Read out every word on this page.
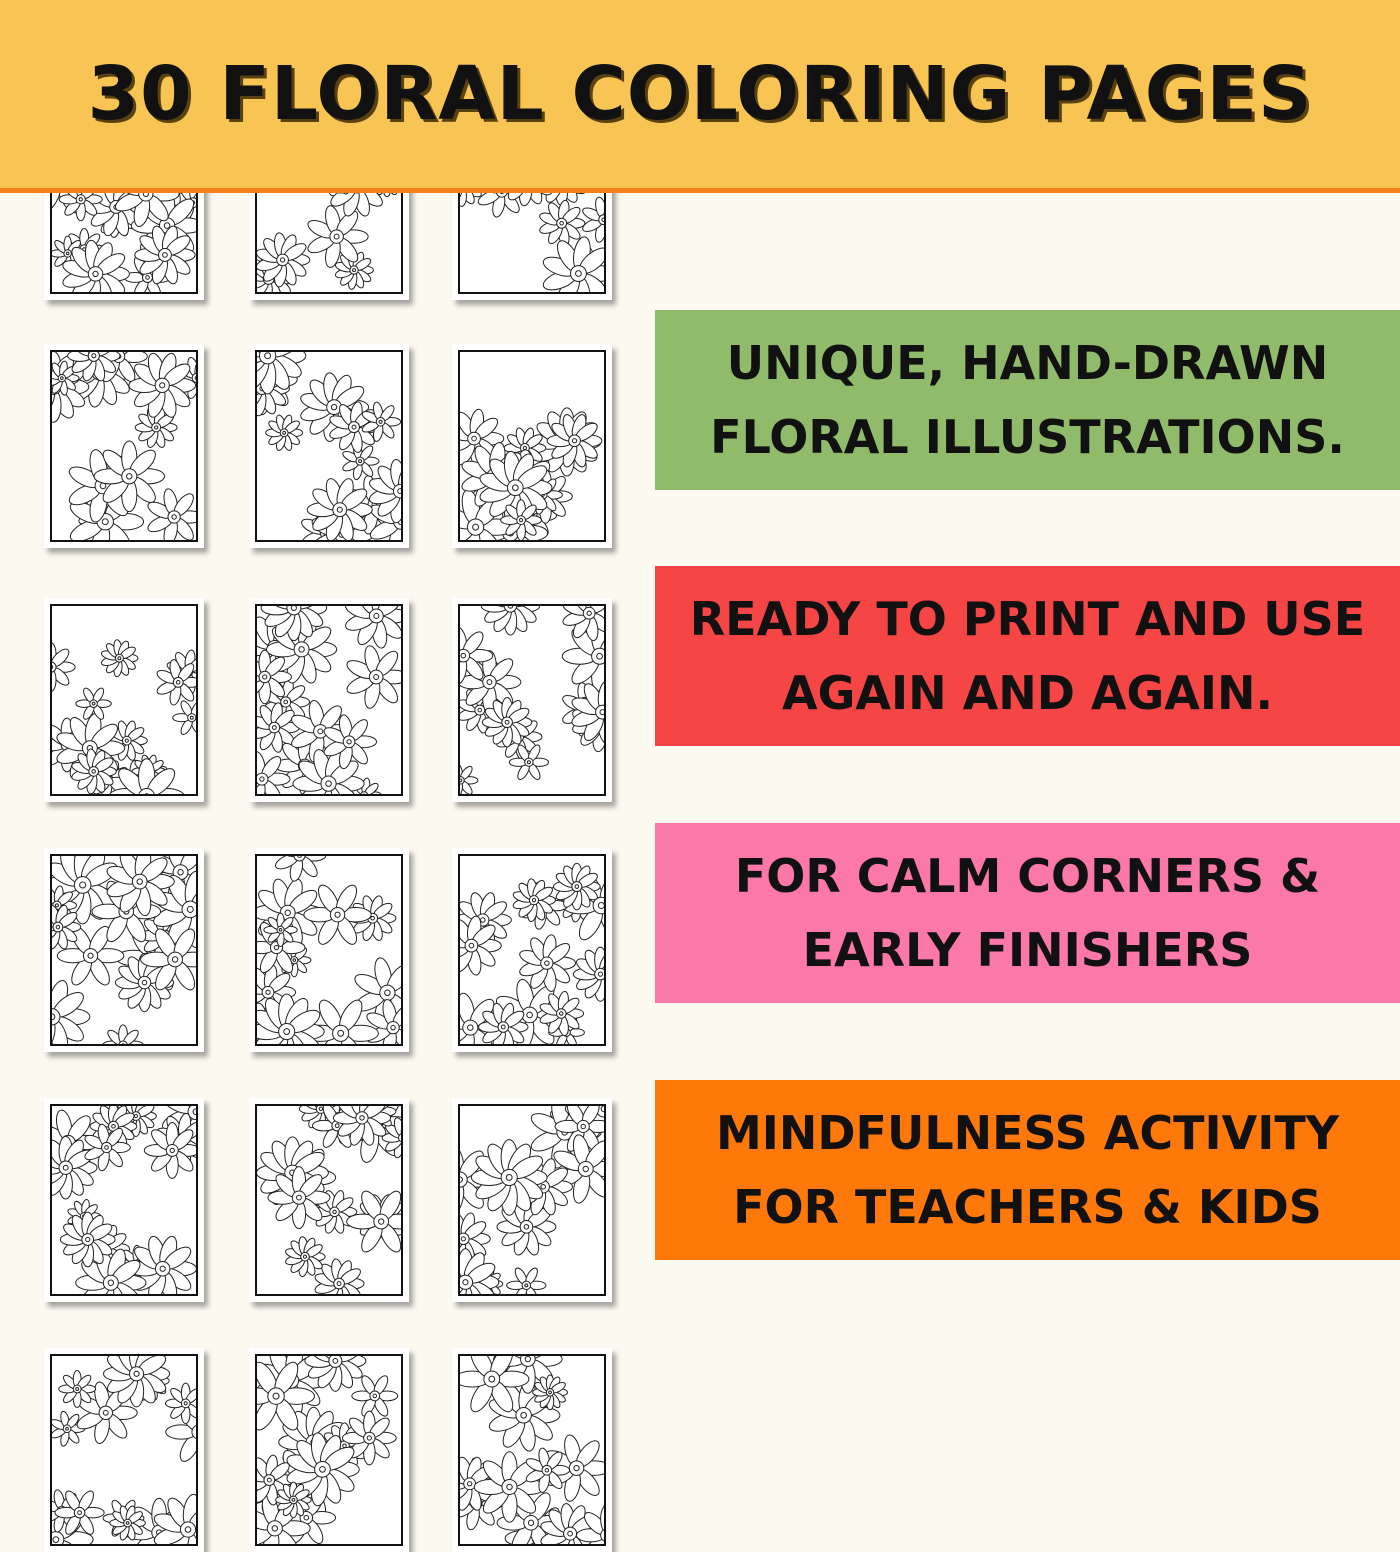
30 FLORAL COLORING PAGES
UNIQUE, HAND-DRAWN
FLORAL ILLUSTRATIONS.
READY TO PRINT AND USE
AGAIN AND AGAIN.
FOR CALM CORNERS &
EARLY FINISHERS
MINDFULNESS ACTIVITY
FOR TEACHERS & KIDS
